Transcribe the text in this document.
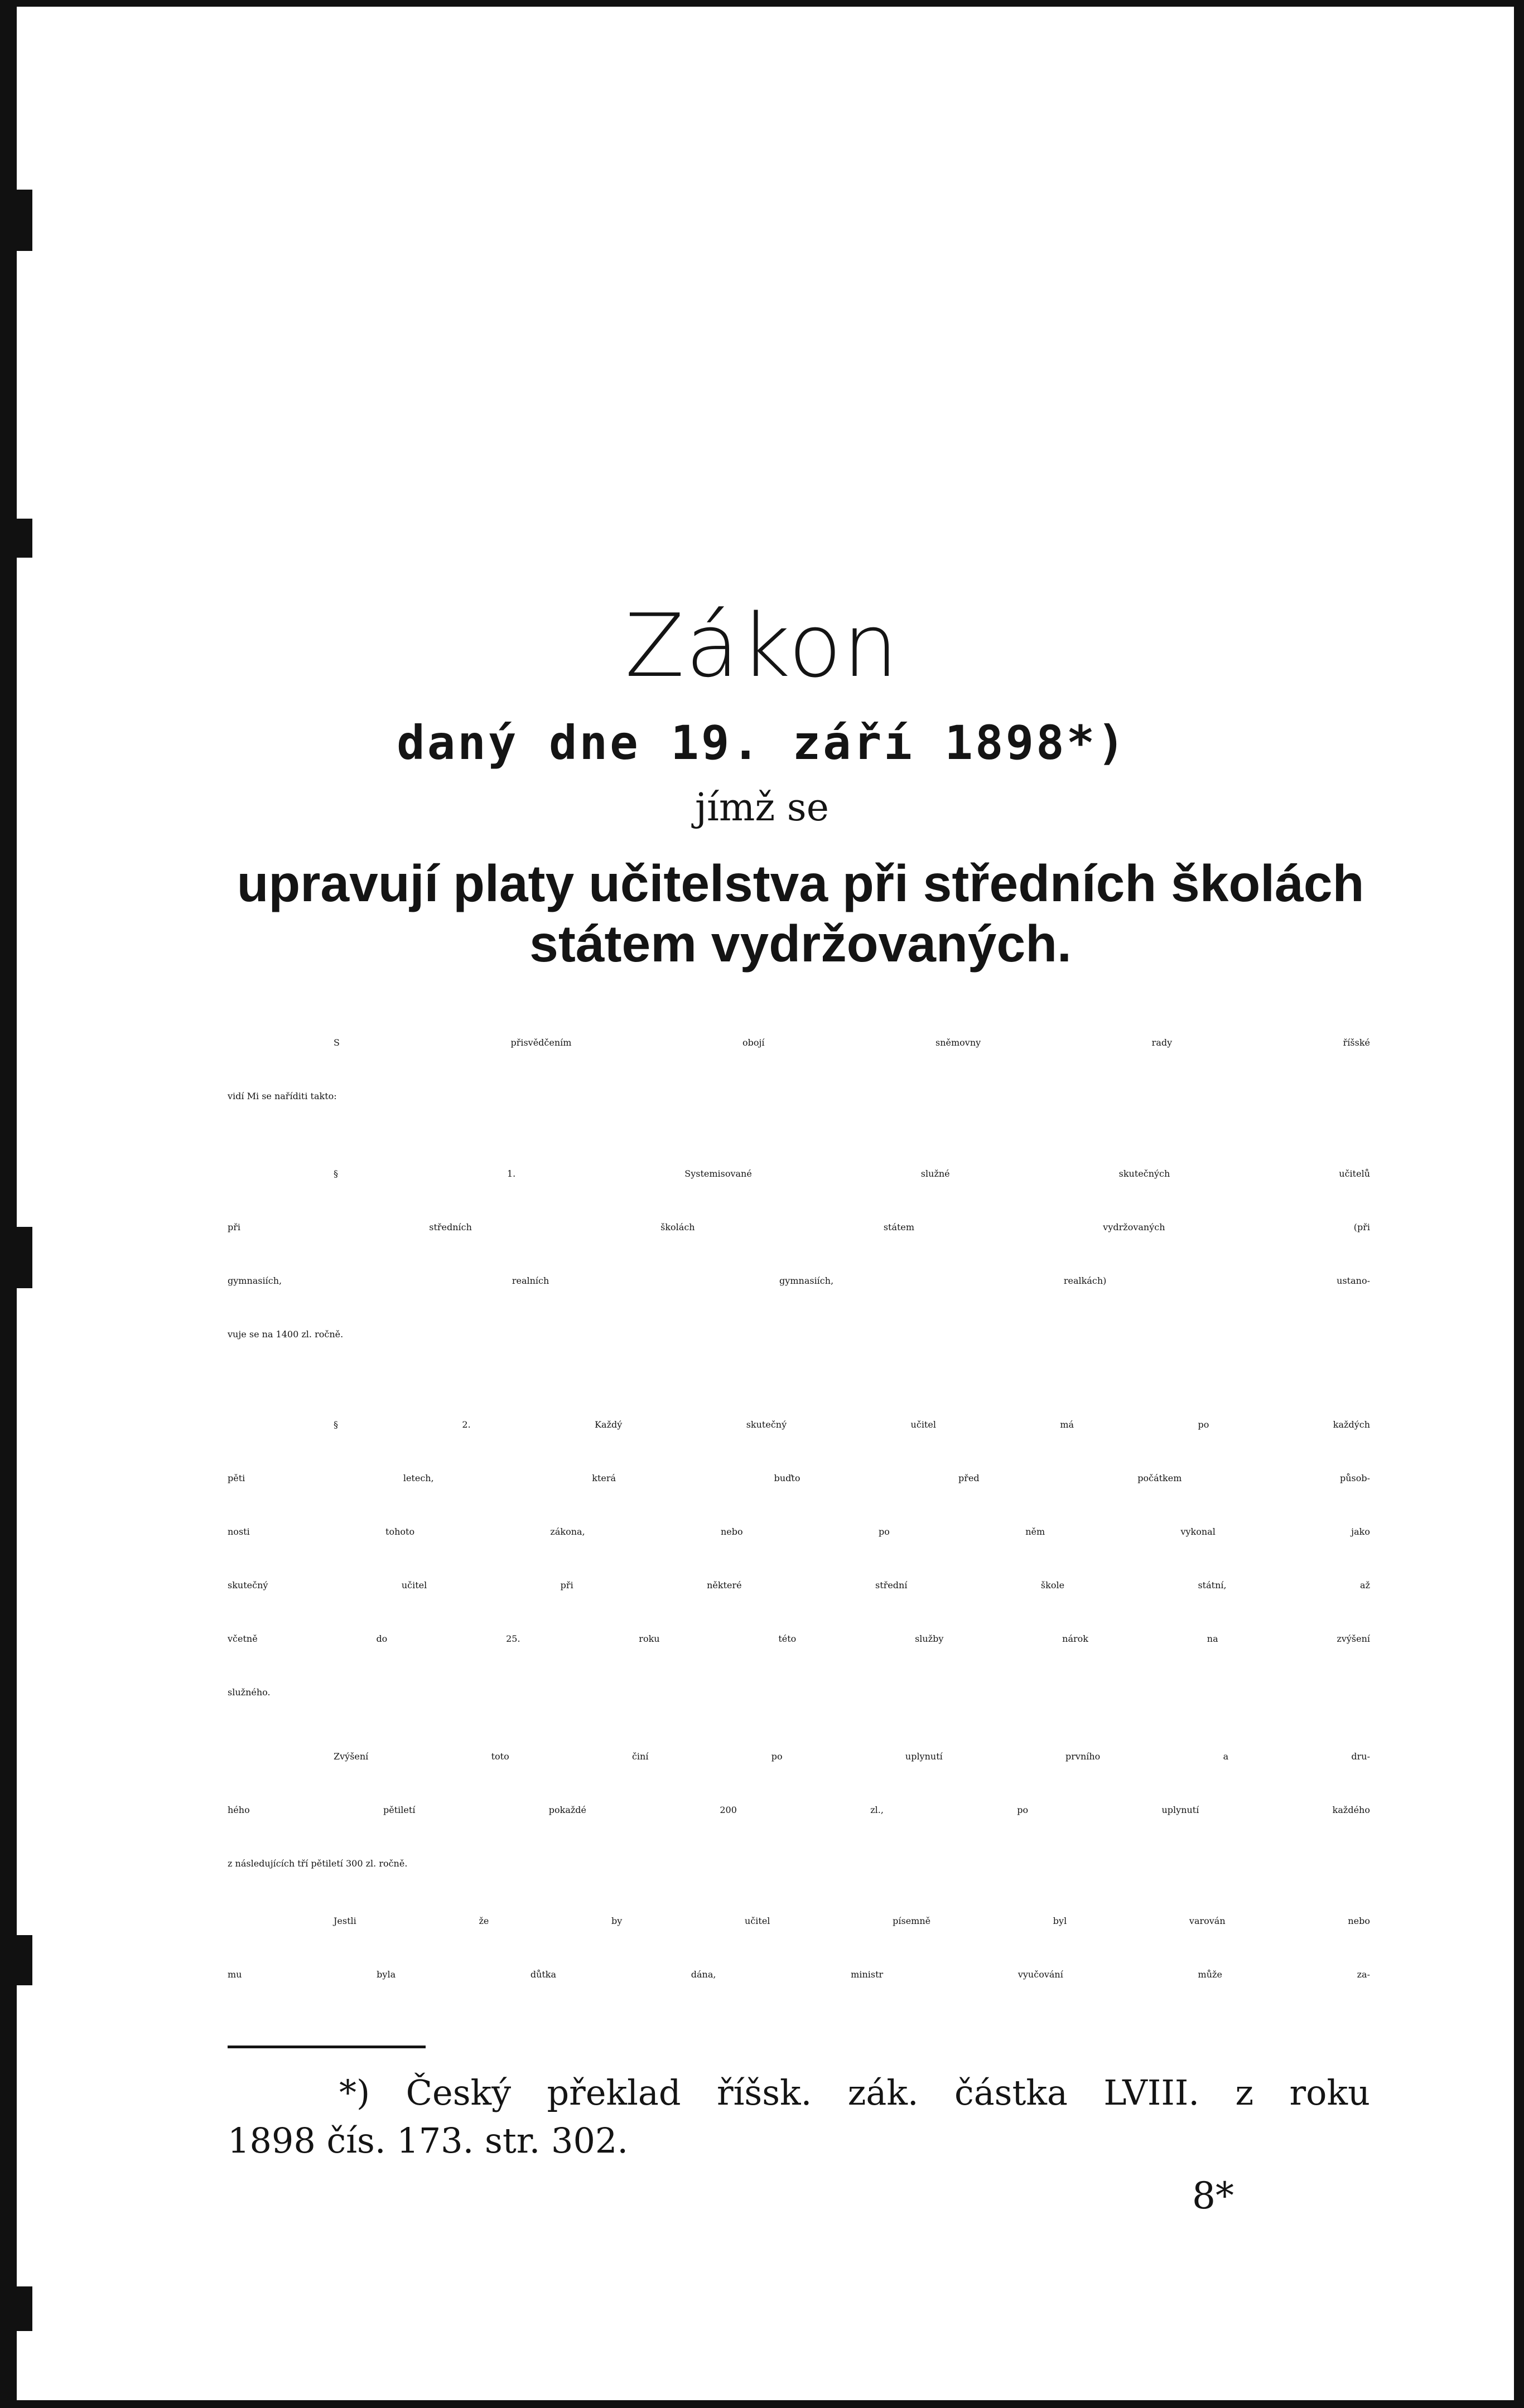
Zákon
daný dne 19. září 1898*)
jímž se
upravují platy učitelstva při středních školách
státem vydržovaných.
S přisvědčením obojí sněmovny rady říšské
vidí Mi se naříditi takto:
§ 1. Systemisované služné skutečných učitelů
při středních školách státem vydržovaných (při
gymnasiích, realních gymnasiích, realkách) ustano-
vuje se na 1400 zl. ročně.
§ 2. Každý skutečný učitel má po každých
pěti letech, která buďto před počátkem působ-
nosti tohoto zákona, nebo po něm vykonal jako
skutečný učitel při některé střední škole státní, až
včetně do 25. roku této služby nárok na zvýšení
služného.
Zvýšení toto činí po uplynutí prvního a dru-
hého pětiletí pokaždé 200 zl., po uplynutí každého
z následujících tří pětiletí 300 zl. ročně.
Jestli že by učitel písemně byl varován nebo
mu byla důtka dána, ministr vyučování může za-
*) Český překlad říšsk. zák. částka LVIII. z roku
1898 čís. 173. str. 302.
8*
